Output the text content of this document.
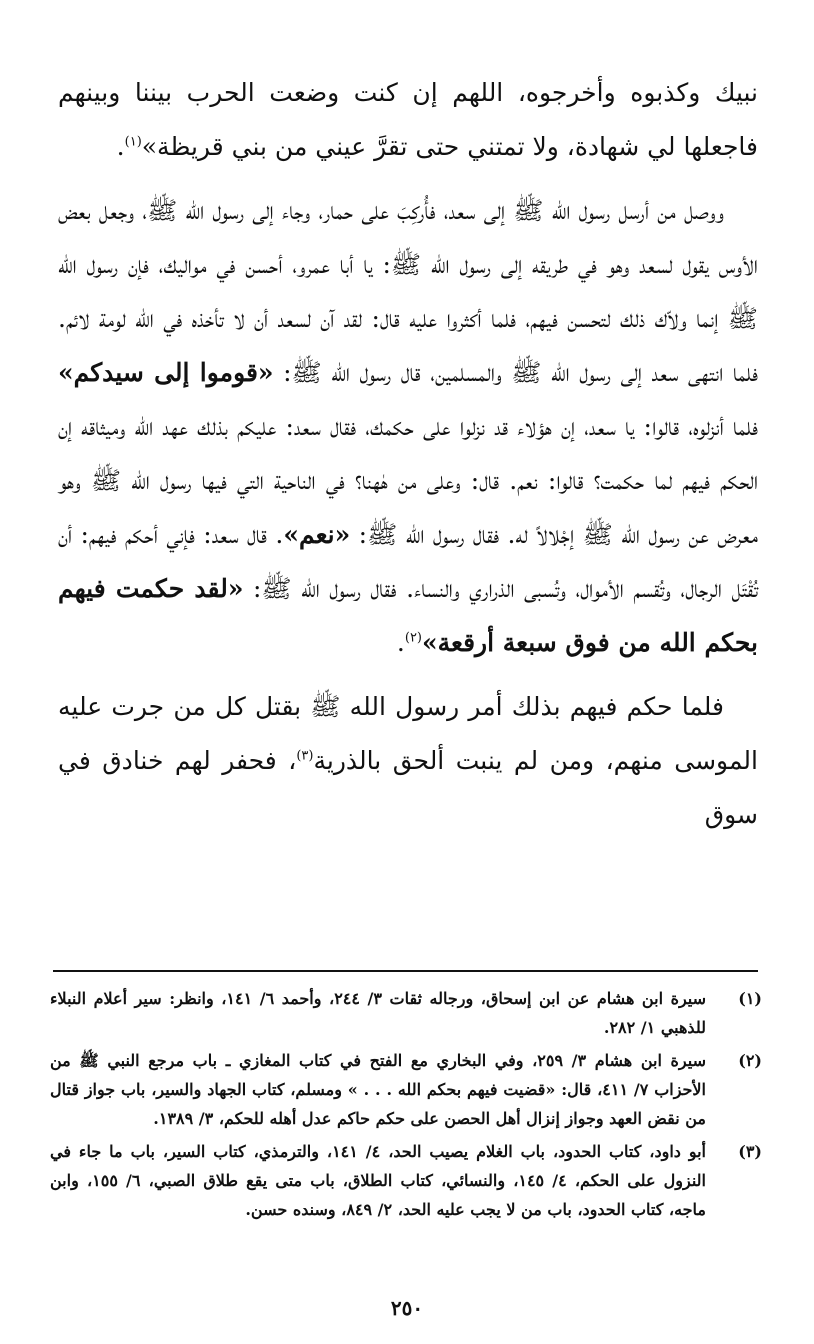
نبيك وكذبوه وأخرجوه، اللهم إن كنت وضعت الحرب بيننا وبينهم فاجعلها لي شهادة، ولا تمتني حتى تقرَّ عيني من بني قريظة»$^{(١)}$.

ووصل من أرسل رسول الله ﷺ إلى سعد، فأُركِبَ على حمار، وجاء إلى رسول الله ﷺ، وجعل بعض الأوس يقول لسعد وهو في طريقه إلى رسول الله ﷺ: يا أبا عمرو، أحسن في مواليك، فإن رسول الله ﷺ إنما ولاّك ذلك لتحسن فيهم، فلما أكثروا عليه قال: لقد آن لسعد أن لا تأخذه في الله لومة لائم. فلما انتهى سعد إلى رسول الله ﷺ والمسلمين، قال رسول الله ﷺ: «قوموا إلى سيدكم» فلما أنزلوه، قالوا: يا سعد، إن هؤلاء قد نزلوا على حكمك، فقال سعد: عليكم بذلك عهد الله وميثاقه إن الحكم فيهم لما حكمت؟ قالوا: نعم. قال: وعلى من هٰهنا؟ في الناحية التي فيها رسول الله ﷺ وهو معرض عن رسول الله ﷺ إجْلالاً له. فقال رسول الله ﷺ: «نعم». قال سعد: فإني أحكم فيهم: أن تُقْتَل الرجال، وتُقسم الأموال، وتُسبى الذراري والنساء. فقال رسول الله ﷺ: «لقد حكمت فيهم بحكم الله من فوق سبعة أرقعة»$^{(٢)}$.

فلما حكم فيهم بذلك أمر رسول الله ﷺ بقتل كل من جرت عليه الموسى منهم، ومن لم ينبت ألحق بالذرية$^{(٣)}$، فحفر لهم خنادق في سوق

(١)
سيرة ابن هشام عن ابن إسحاق، ورجاله ثقات ٣/ ٢٤٤، وأحمد ٦/ ١٤١، وانظر: سير أعلام النبلاء للذهبي ١/ ٢٨٢.
(٢)
سيرة ابن هشام ٣/ ٢٥٩، وفي البخاري مع الفتح في كتاب المغازي ـ باب مرجع النبي ﷺ من الأحزاب ٧/ ٤١١، قال: «قضيت فيهم بحكم الله . . . » ومسلم، كتاب الجهاد والسير، باب جواز قتال من نقض العهد وجواز إنزال أهل الحصن على حكم حاكم عدل أهله للحكم، ٣/ ١٣٨٩.
(٣)
أبو داود، كتاب الحدود، باب الغلام يصيب الحد، ٤/ ١٤١، والترمذي، كتاب السير، باب ما جاء في النزول على الحكم، ٤/ ١٤٥، والنسائي، كتاب الطلاق، باب متى يقع طلاق الصبي، ٦/ ١٥٥، وابن ماجه، كتاب الحدود، باب من لا يجب عليه الحد، ٢/ ٨٤٩، وسنده حسن.
٢٥٠
